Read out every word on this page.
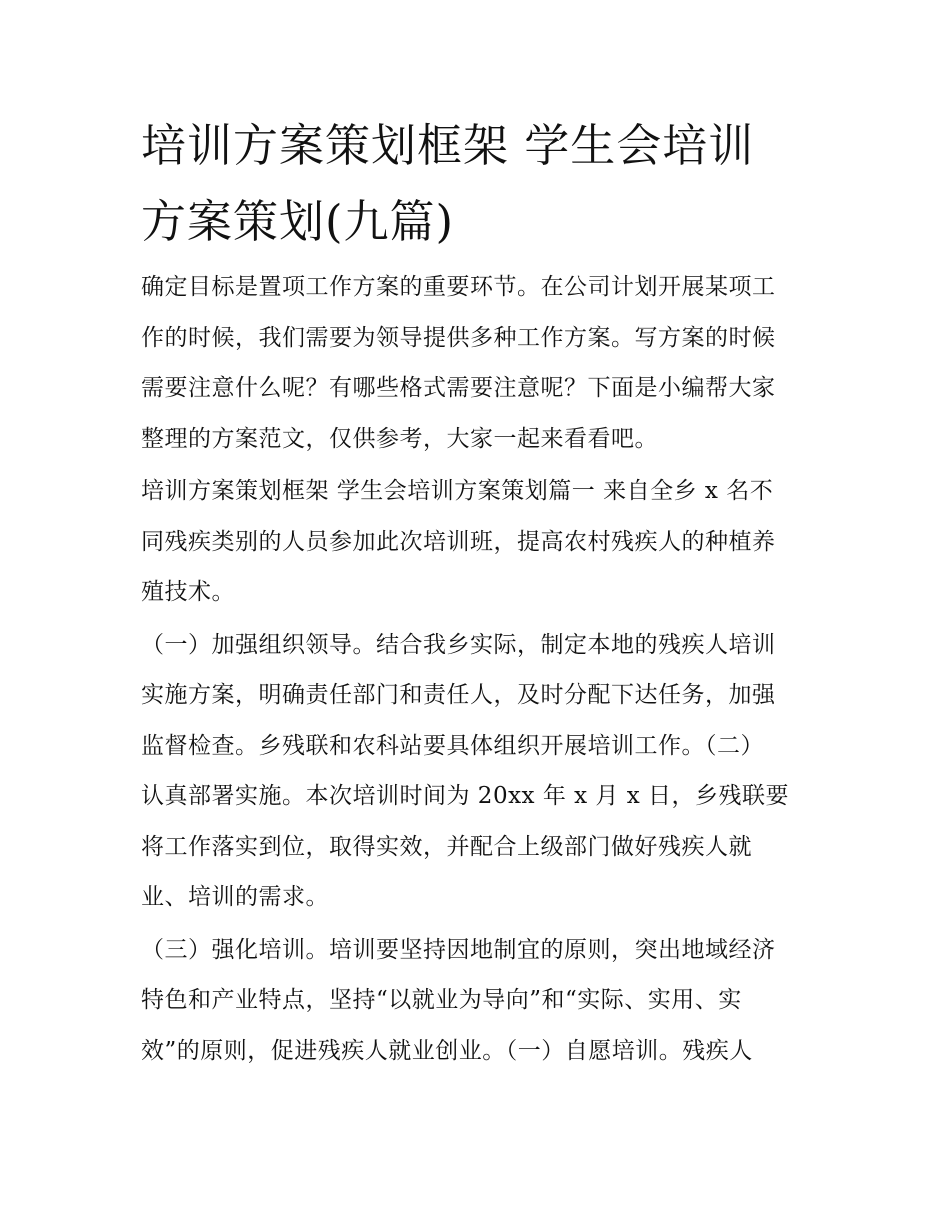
培训方案策划框架 学生会培训
方案策划(九篇)
确定目标是置项工作方案的重要环节。在公司计划开展某项工
作的时候，我们需要为领导提供多种工作方案。写方案的时候
需要注意什么呢？有哪些格式需要注意呢？下面是小编帮大家
整理的方案范文，仅供参考，大家一起来看看吧。
培训方案策划框架 学生会培训方案策划篇一 来自全乡 x 名不
同残疾类别的人员参加此次培训班，提高农村残疾人的种植养
殖技术。
（一）加强组织领导。结合我乡实际，制定本地的残疾人培训
实施方案，明确责任部门和责任人，及时分配下达任务，加强
监督检查。乡残联和农科站要具体组织开展培训工作。（二）
认真部署实施。本次培训时间为 20xx 年 x 月 x 日，乡残联要
将工作落实到位，取得实效，并配合上级部门做好残疾人就
业、培训的需求。
（三）强化培训。培训要坚持因地制宜的原则，突出地域经济
特色和产业特点，坚持“以就业为导向”和“实际、实用、实
效”的原则，促进残疾人就业创业。（一）自愿培训。残疾人
